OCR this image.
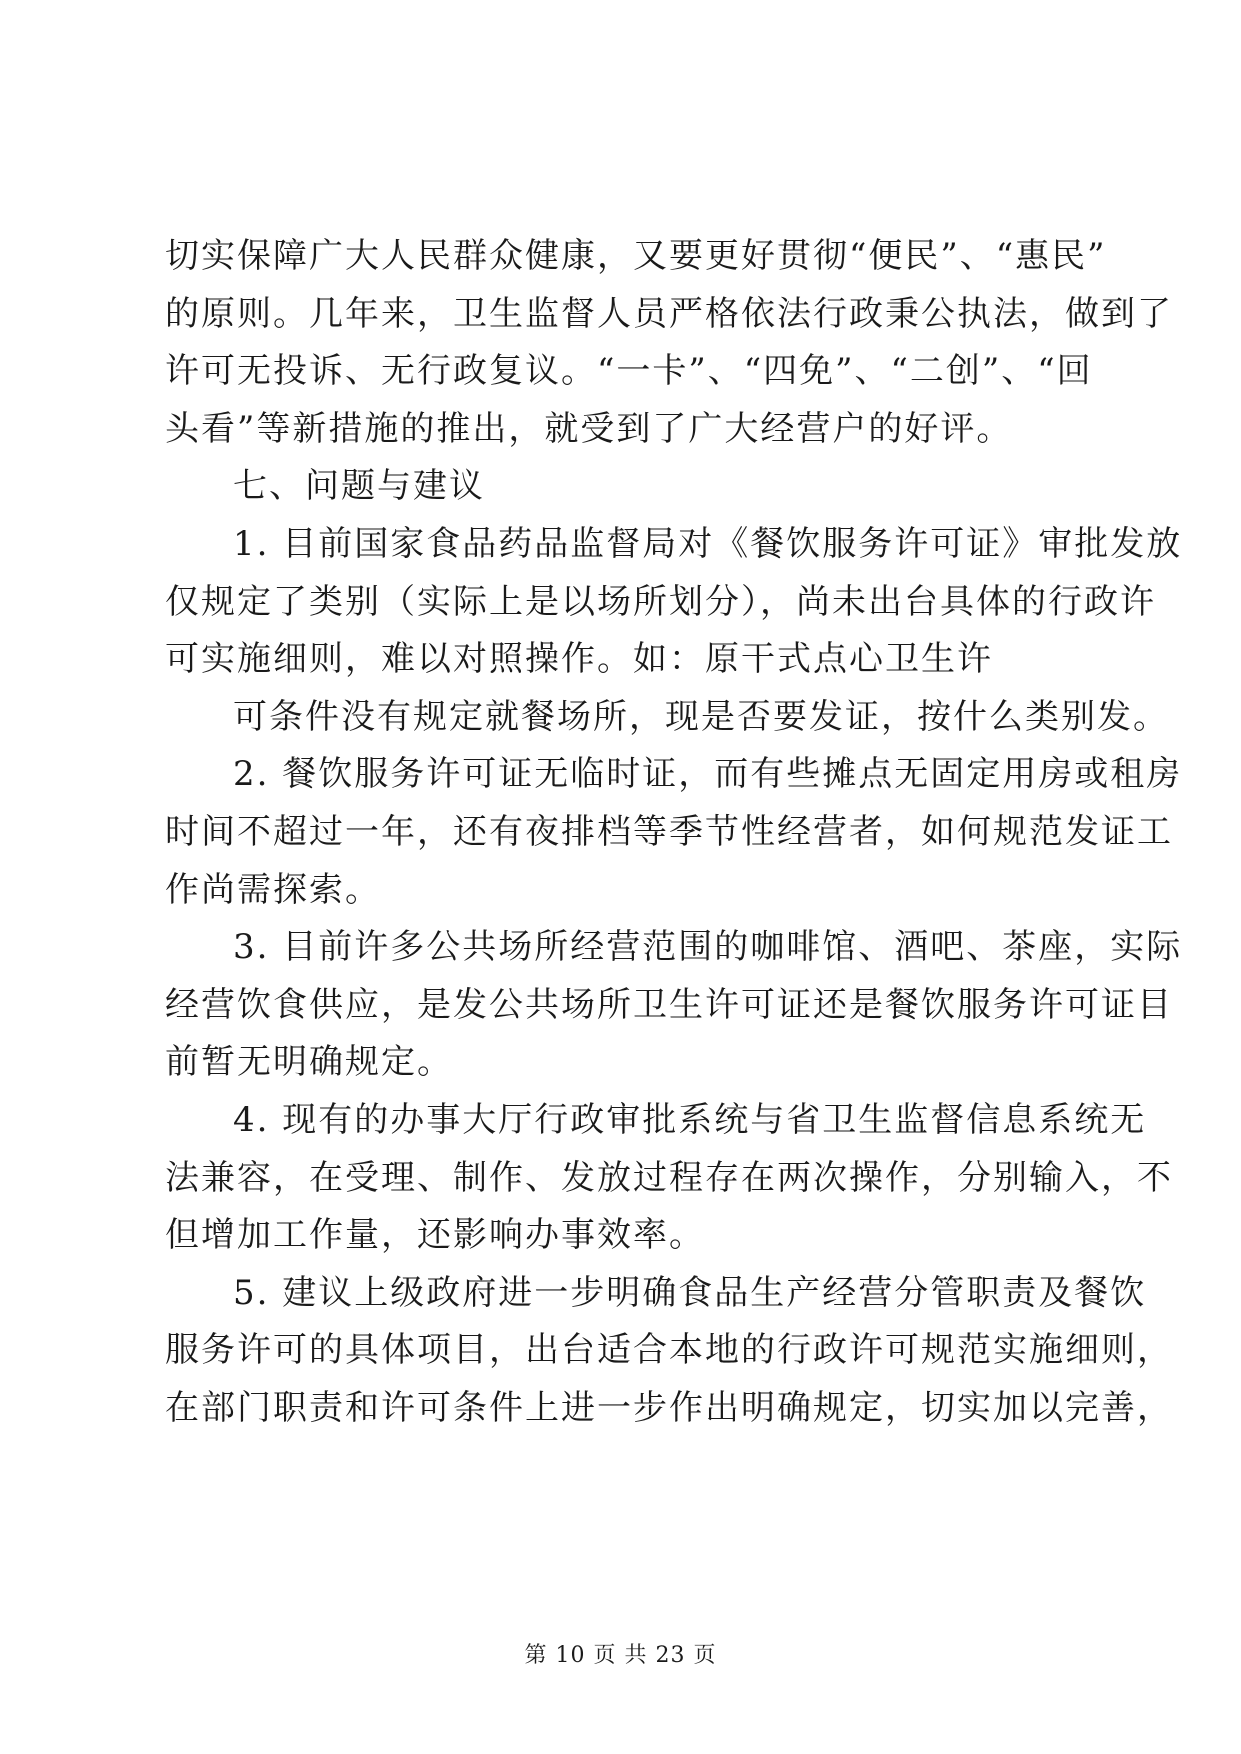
切实保障广大人民群众健康，又要更好贯彻“便民”、“惠民”
的原则。几年来，卫生监督人员严格依法行政秉公执法，做到了
许可无投诉、无行政复议。“一卡”、“四免”、“二创”、“回
头看”等新措施的推出，就受到了广大经营户的好评。
七、问题与建议
1. 目前国家食品药品监督局对《餐饮服务许可证》审批发放
仅规定了类别（实际上是以场所划分），尚未出台具体的行政许
可实施细则，难以对照操作。如：原干式点心卫生许
可条件没有规定就餐场所，现是否要发证，按什么类别发。
2. 餐饮服务许可证无临时证，而有些摊点无固定用房或租房
时间不超过一年，还有夜排档等季节性经营者，如何规范发证工
作尚需探索。
3. 目前许多公共场所经营范围的咖啡馆、酒吧、茶座，实际
经营饮食供应，是发公共场所卫生许可证还是餐饮服务许可证目
前暂无明确规定。
4. 现有的办事大厅行政审批系统与省卫生监督信息系统无
法兼容，在受理、制作、发放过程存在两次操作，分别输入，不
但增加工作量，还影响办事效率。
5. 建议上级政府进一步明确食品生产经营分管职责及餐饮
服务许可的具体项目，出台适合本地的行政许可规范实施细则，
在部门职责和许可条件上进一步作出明确规定，切实加以完善，
第 10 页 共 23 页
